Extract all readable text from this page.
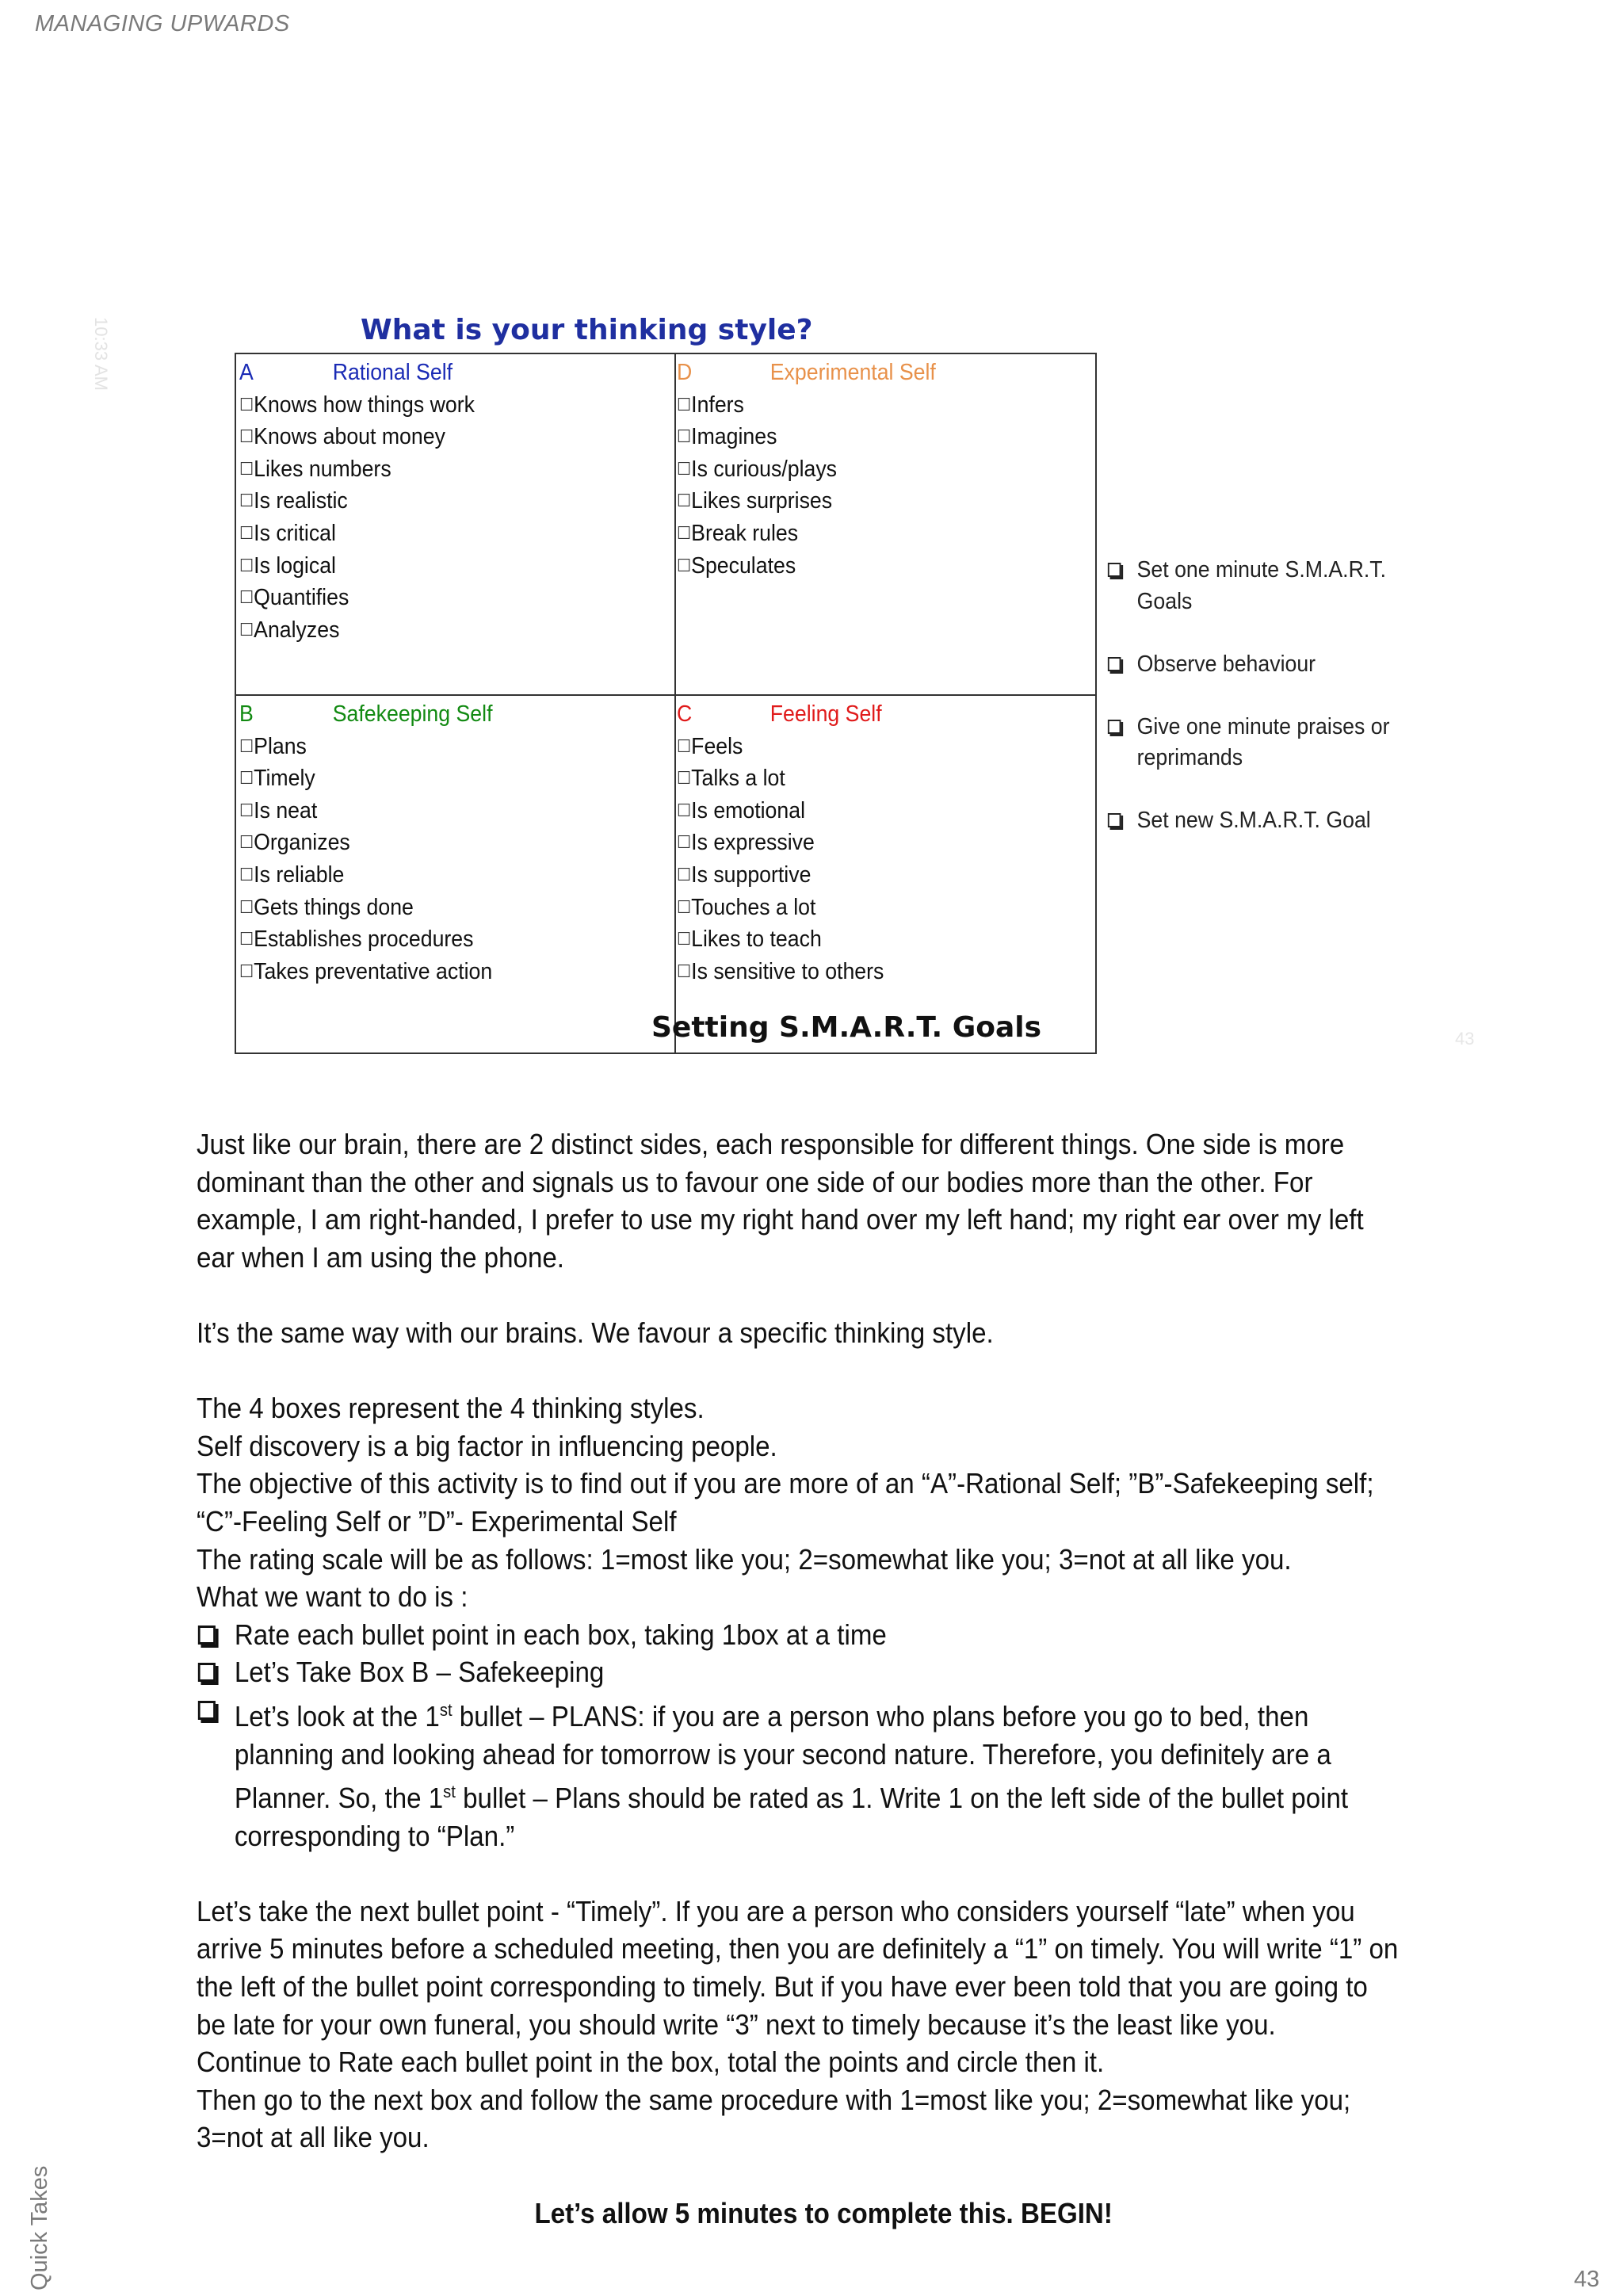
MANAGING UPWARDS
10:33 AM
43
What is your thinking style?
A	Rational Self
☐Knows how things work
☐Knows about money
☐Likes numbers
☐Is realistic
☐Is critical
☐Is logical
☐Quantifies
☐Analyzes
D	Experimental Self
☐Infers
☐Imagines
☐Is curious/plays
☐Likes surprises
☐Break rules
☐Speculates
B	Safekeeping Self
☐Plans
☐Timely
☐Is neat
☐Organizes
☐Is reliable
☐Gets things done
☐Establishes procedures
☐Takes preventative action
C	Feeling Self
☐Feels
☐Talks a lot
☐Is emotional
☐Is expressive
☐Is supportive
☐Touches a lot
☐Likes to teach
☐Is sensitive to others
Setting S.M.A.R.T. Goals
Set one minute S.M.A.R.T. Goals
Observe behaviour
Give one minute praises or reprimands
Set new S.M.A.R.T. Goal

Just like our brain, there are 2 distinct sides, each responsible for different things. One side is more dominant than the other and signals us to favour one side of our bodies more than the other. For example, I am right-handed, I prefer to use my right hand over my left hand; my right ear over my left ear when I am using the phone.

It’s the same way with our brains. We favour a specific thinking style.

The 4 boxes represent the 4 thinking styles.

Self discovery is a big factor in influencing people.

The objective of this activity is to find out if you are more of an “A”-Rational Self; ”B”-Safekeeping self; “C”-Feeling Self or ”D”- Experimental Self

The rating scale will be as follows: 1=most like you; 2=somewhat like you; 3=not at all like you.

What we want to do is :

Rate each bullet point in each box, taking 1box at a time
Let’s Take Box B – Safekeeping
Let’s look at the 1st bullet – PLANS: if you are a person who plans before you go to bed, then planning and looking ahead for tomorrow is your second nature. Therefore, you definitely are a Planner. So, the 1st bullet – Plans should be rated as 1. Write 1 on the left side of the bullet point corresponding to “Plan.”

Let’s take the next bullet point - “Timely”. If you are a person who considers yourself “late” when you arrive 5 minutes before a scheduled meeting, then you are definitely a “1” on timely. You will write “1” on the left of the bullet point corresponding to timely. But if you have ever been told that you are going to be late for your own funeral, you should write “3” next to timely because it’s the least like you.

Continue to Rate each bullet point in the box, total the points and circle then it.

Then go to the next box and follow the same procedure with 1=most like you; 2=somewhat like you; 3=not at all like you.

Let’s allow 5 minutes to complete this. BEGIN!

Quick Takes	43
